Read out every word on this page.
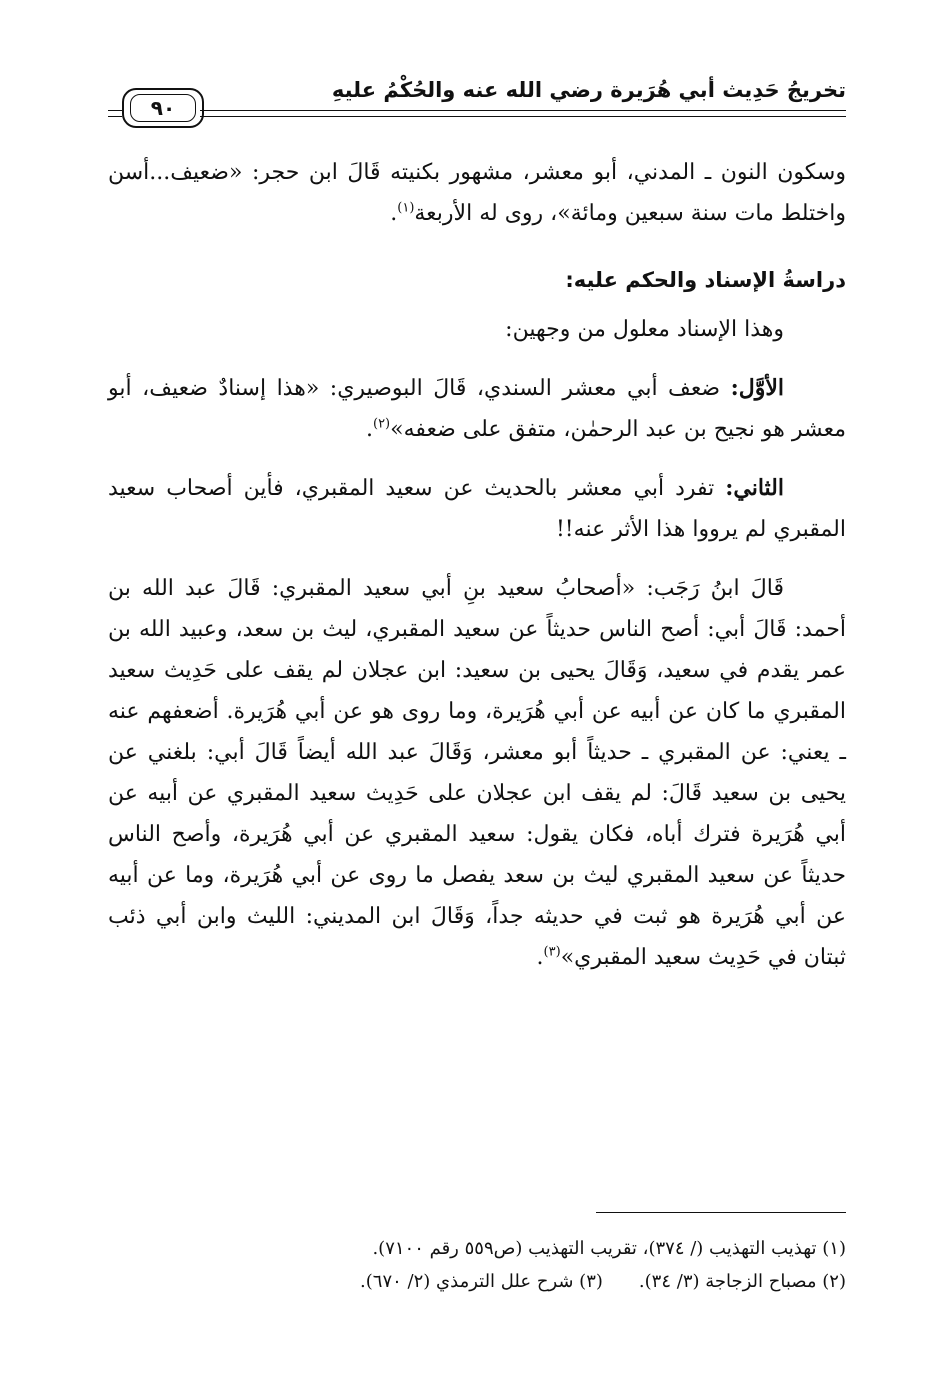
تخريجُ حَدِيث أبي هُرَيرة رضي الله عنه والحُكْمُ عليهِ
٩٠

وسكون النون ـ المدني، أبو معشر، مشهور بكنيته قَالَ ابن حجر: «ضعيف...أسن واختلط مات سنة سبعين ومائة»، روى له الأربعة$^{(١)}$.

دراسةُ الإسناد والحكم عليه:

وهذا الإسناد معلول من وجهين:

الأوَّل: ضعف أبي معشر السندي، قَالَ البوصيري: «هذا إسنادٌ ضعيف، أبو معشر هو نجيح بن عبد الرحمٰن، متفق على ضعفه»$^{(٢)}$.

الثاني: تفرد أبي معشر بالحديث عن سعيد المقبري، فأين أصحاب سعيد المقبري لم يرووا هذا الأثر عنه!!

قَالَ ابنُ رَجَب: «أصحابُ سعيد بنِ أبي سعيد المقبري: قَالَ عبد الله بن أحمد: قَالَ أبي: أصح الناس حديثاً عن سعيد المقبري، ليث بن سعد، وعبيد الله بن عمر يقدم في سعيد، وَقَالَ يحيى بن سعيد: ابن عجلان لم يقف على حَدِيث سعيد المقبري ما كان عن أبيه عن أبي هُرَيرة، وما روى هو عن أبي هُرَيرة. أضعفهم عنه ـ يعني: عن المقبري ـ حديثاً أبو معشر، وَقَالَ عبد الله أيضاً قَالَ أبي: بلغني عن يحيى بن سعيد قَالَ: لم يقف ابن عجلان على حَدِيث سعيد المقبري عن أبيه عن أبي هُرَيرة فترك أباه، فكان يقول: سعيد المقبري عن أبي هُرَيرة، وأصح الناس حديثاً عن سعيد المقبري ليث بن سعد يفصل ما روى عن أبي هُرَيرة، وما عن أبيه عن أبي هُرَيرة هو ثبت في حديثه جداً، وَقَالَ ابن المديني: الليث وابن أبي ذئب ثبتان في حَدِيث سعيد المقبري»$^{(٣)}$.

(١) تهذيب التهذيب (/ ٣٧٤)، تقريب التهذيب (ص٥٥٩ رقم ٧١٠٠).
(٢) مصباح الزجاجة (٣/ ٣٤).
(٣) شرح علل الترمذي (٢/ ٦٧٠).
